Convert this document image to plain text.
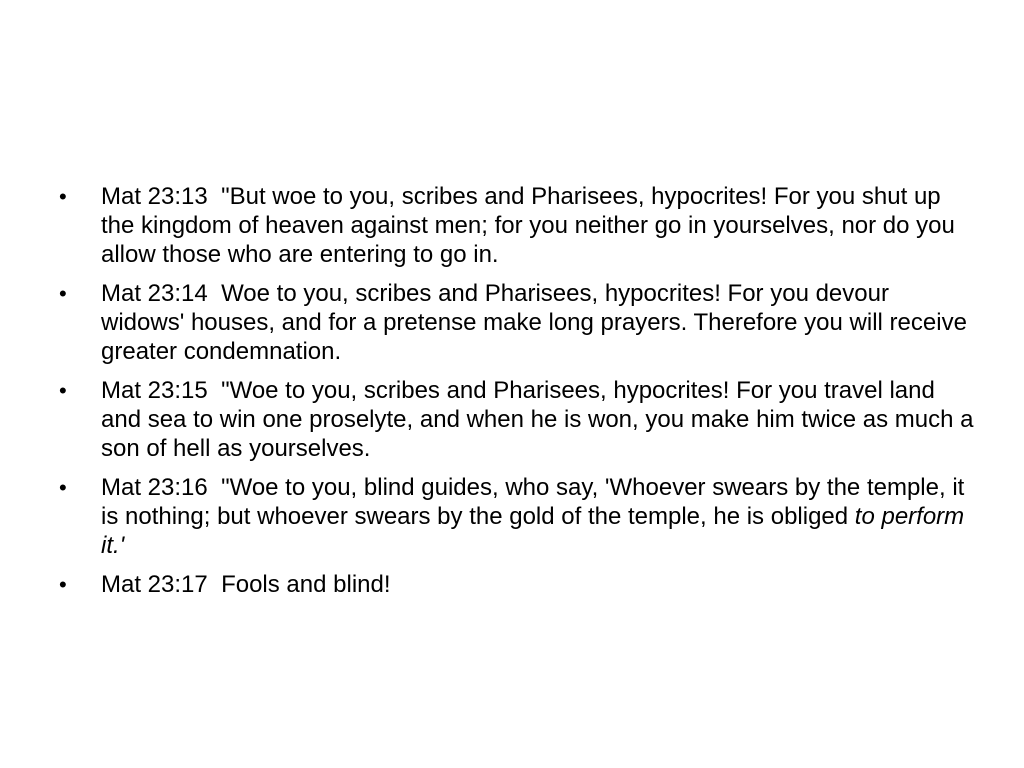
• Mat 23:13 "But woe to you, scribes and Pharisees, hypocrites! For you shut up the kingdom of heaven against men; for you neither go in yourselves, nor do you allow those who are entering to go in.
• Mat 23:14 Woe to you, scribes and Pharisees, hypocrites! For you devour widows' houses, and for a pretense make long prayers. Therefore you will receive greater condemnation.
• Mat 23:15 "Woe to you, scribes and Pharisees, hypocrites! For you travel land and sea to win one proselyte, and when he is won, you make him twice as much a son of hell as yourselves.
• Mat 23:16 "Woe to you, blind guides, who say, 'Whoever swears by the temple, it is nothing; but whoever swears by the gold of the temple, he is obliged to perform it.'
• Mat 23:17 Fools and blind!
